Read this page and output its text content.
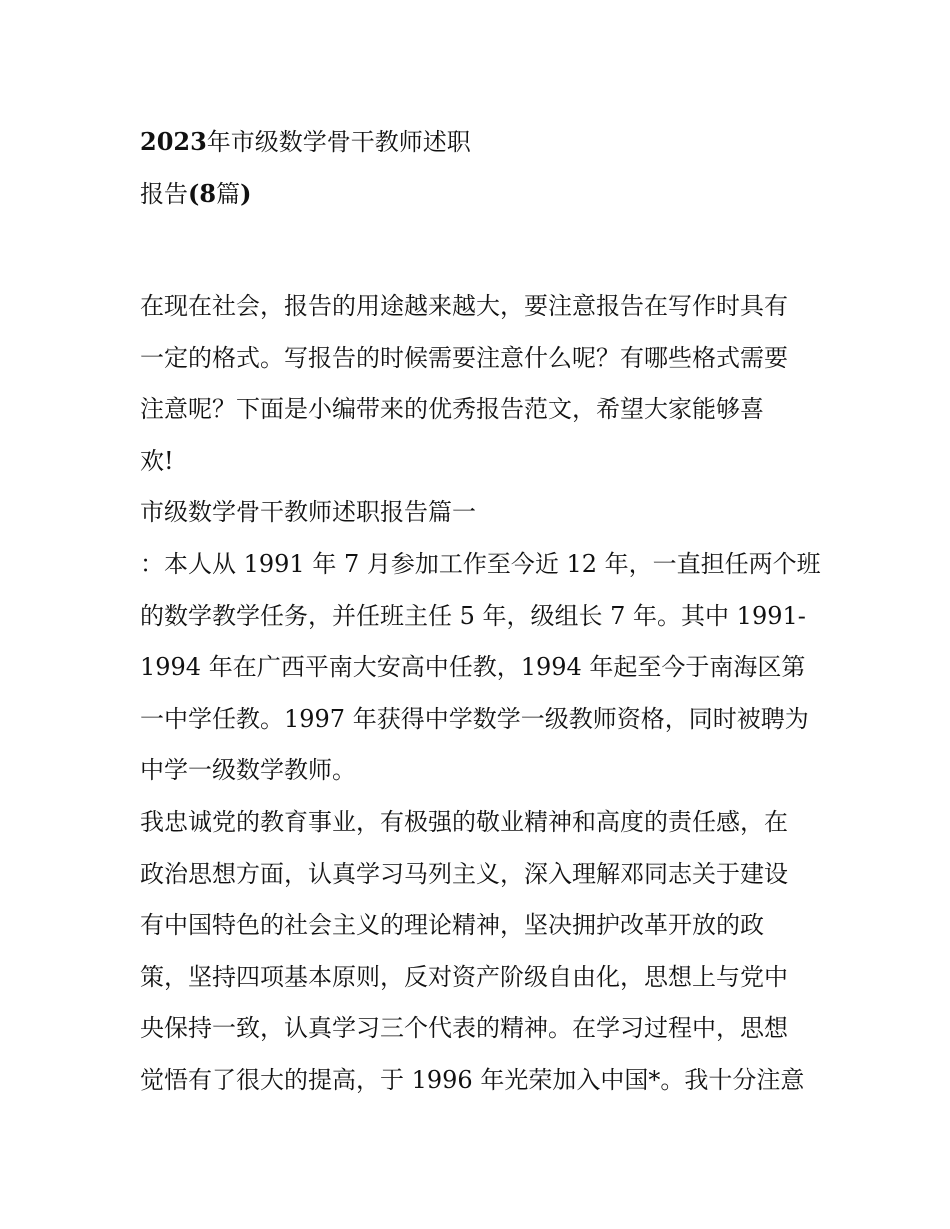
2023年市级数学骨干教师述职
报告(8篇)
在现在社会，报告的用途越来越大，要注意报告在写作时具有
一定的格式。写报告的时候需要注意什么呢？有哪些格式需要
注意呢？下面是小编带来的优秀报告范文，希望大家能够喜
欢!
市级数学骨干教师述职报告篇一
：本人从 1991 年 7 月参加工作至今近 12 年，一直担任两个班
的数学教学任务，并任班主任 5 年，级组长 7 年。其中 1991-
1994 年在广西平南大安高中任教，1994 年起至今于南海区第
一中学任教。1997 年获得中学数学一级教师资格，同时被聘为
中学一级数学教师。
我忠诚党的教育事业，有极强的敬业精神和高度的责任感，在
政治思想方面，认真学习马列主义，深入理解邓同志关于建设
有中国特色的社会主义的理论精神，坚决拥护改革开放的政
策，坚持四项基本原则，反对资产阶级自由化，思想上与党中
央保持一致，认真学习三个代表的精神。在学习过程中，思想
觉悟有了很大的提高，于 1996 年光荣加入中国*。我十分注意
